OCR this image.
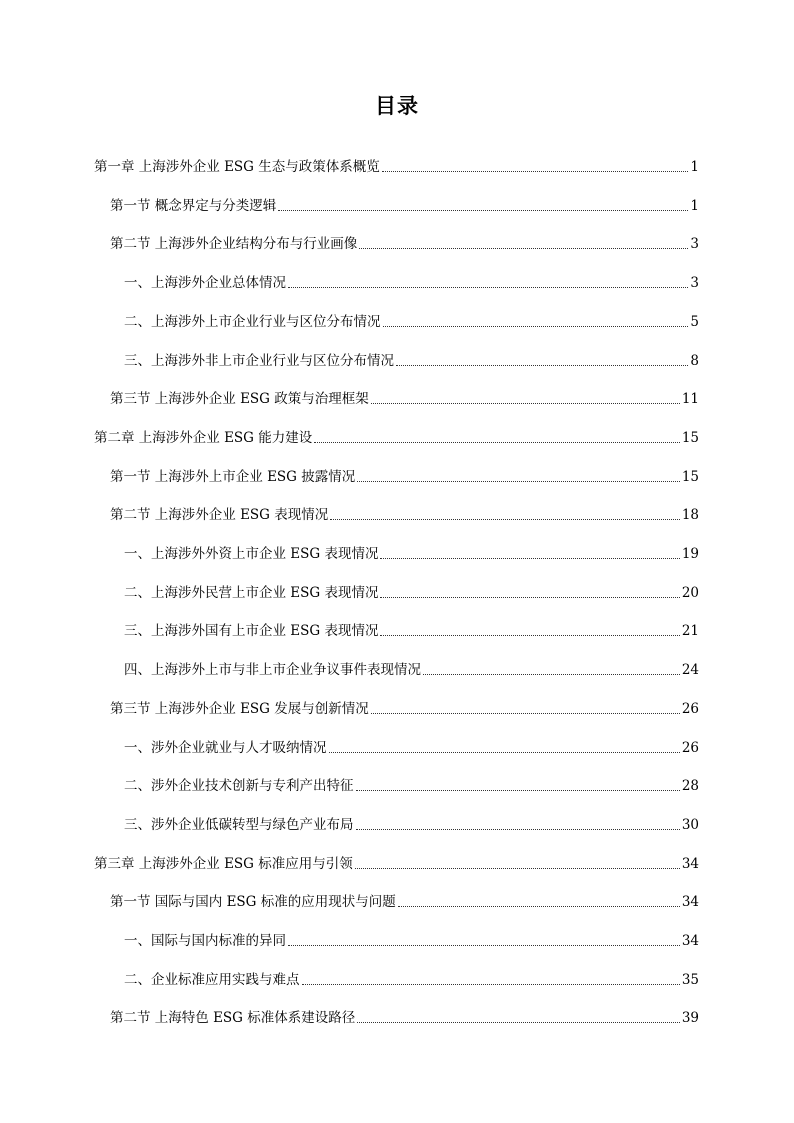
目录
第一章 上海涉外企业 ESG 生态与政策体系概览	1
第一节 概念界定与分类逻辑	1
第二节 上海涉外企业结构分布与行业画像	3
一、上海涉外企业总体情况	3
二、上海涉外上市企业行业与区位分布情况	5
三、上海涉外非上市企业行业与区位分布情况	8
第三节 上海涉外企业 ESG 政策与治理框架	11
第二章 上海涉外企业 ESG 能力建设	15
第一节 上海涉外上市企业 ESG 披露情况	15
第二节 上海涉外企业 ESG 表现情况	18
一、上海涉外外资上市企业 ESG 表现情况	19
二、上海涉外民营上市企业 ESG 表现情况	20
三、上海涉外国有上市企业 ESG 表现情况	21
四、上海涉外上市与非上市企业争议事件表现情况	24
第三节 上海涉外企业 ESG 发展与创新情况	26
一、涉外企业就业与人才吸纳情况	26
二、涉外企业技术创新与专利产出特征	28
三、涉外企业低碳转型与绿色产业布局	30
第三章 上海涉外企业 ESG 标准应用与引领	34
第一节 国际与国内 ESG 标准的应用现状与问题	34
一、国际与国内标准的异同	34
二、企业标准应用实践与难点	35
第二节 上海特色 ESG 标准体系建设路径	39
